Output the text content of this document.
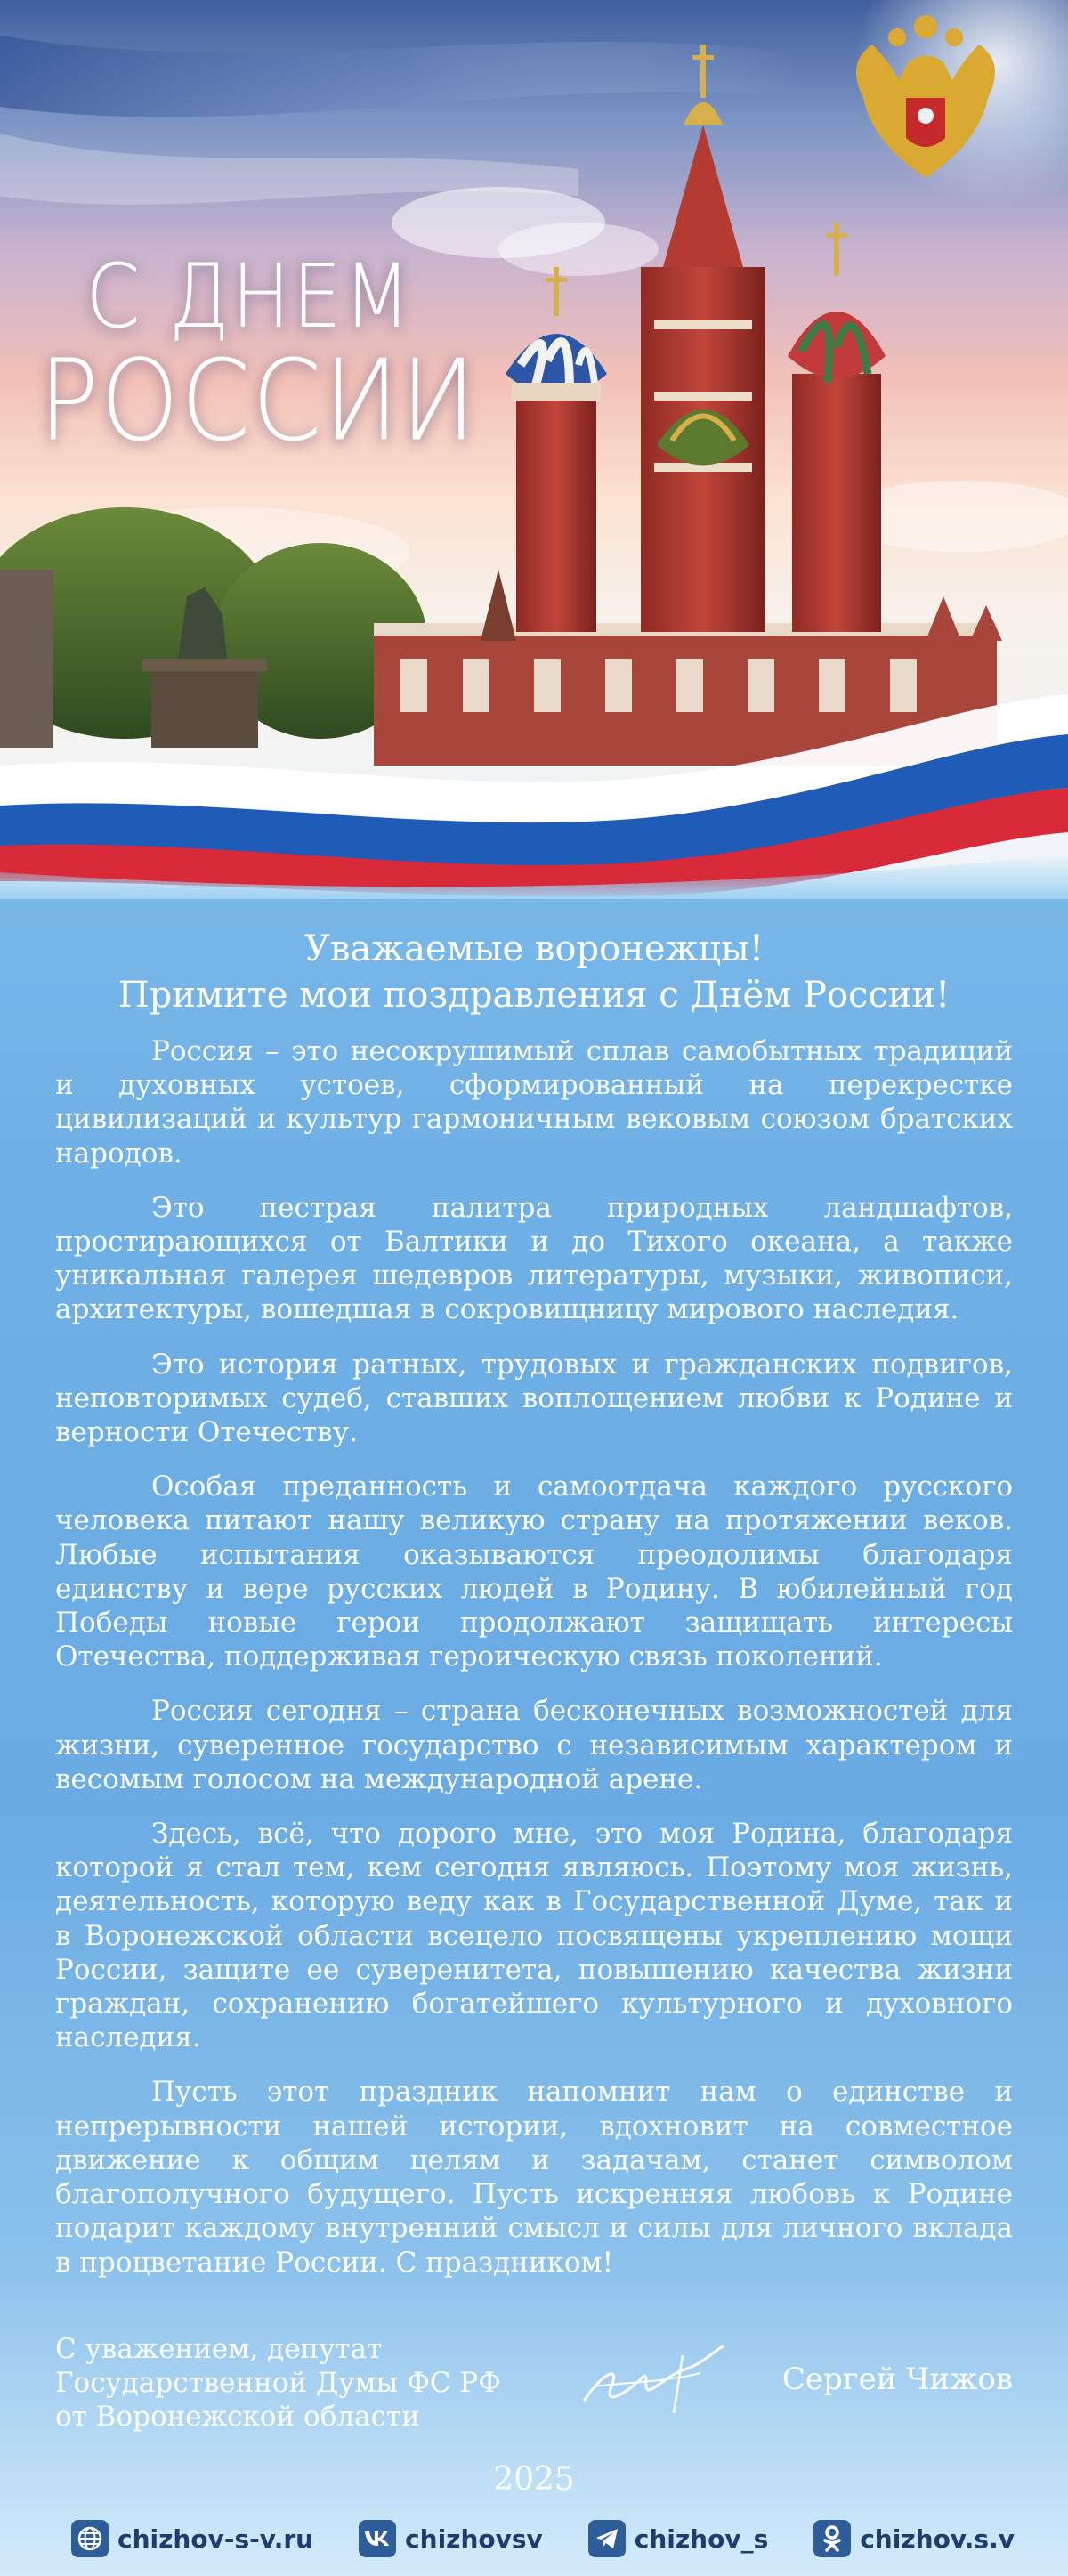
С ДНЕМ
РОССИИ
Уважаемые воронежцы!
Примите мои поздравления с Днём России!

Россия – это несокрушимый сплав самобытных традиций и духовных устоев, сформированный на перекрестке цивилизаций и культур гармоничным вековым союзом братских народов.

Это пестрая палитра природных ландшафтов, простирающихся от Балтики и до Тихого океана, а также уникальная галерея шедевров литературы, музыки, живописи, архитектуры, вошедшая в сокровищницу мирового наследия.

Это история ратных, трудовых и гражданских подвигов, неповторимых судеб, ставших воплощением любви к Родине и верности Отечеству.

Особая преданность и самоотдача каждого русского человека питают нашу великую страну на протяжении веков. Любые испытания оказываются преодолимы благодаря единству и вере русских людей в Родину. В юбилейный год Победы новые герои продолжают защищать интересы Отечества, поддерживая героическую связь поколений.

Россия сегодня – страна бесконечных возможностей для жизни, суверенное государство с независимым характером и весомым голосом на международной арене.

Здесь, всё, что дорого мне, это моя Родина, благодаря которой я стал тем, кем сегодня являюсь. Поэтому моя жизнь, деятельность, которую веду как в Государственной Думе, так и в Воронежской области всецело посвящены укреплению мощи России, защите ее суверенитета, повышению качества жизни граждан, сохранению богатейшего культурного и духовного наследия.

Пусть этот праздник напомнит нам о единстве и непрерывности нашей истории, вдохновит на совместное движение к общим целям и задачам, станет символом благополучного будущего. Пусть искренняя любовь к Родине подарит каждому внутренний смысл и силы для личного вклада в процветание России. С праздником!

С уважением, депутат
Государственной Думы ФС РФ
от Воронежской области
Сергей Чижов
2025
chizhov-s-v.ru	chizhovsv	chizhov_s	chizhov.s.v
